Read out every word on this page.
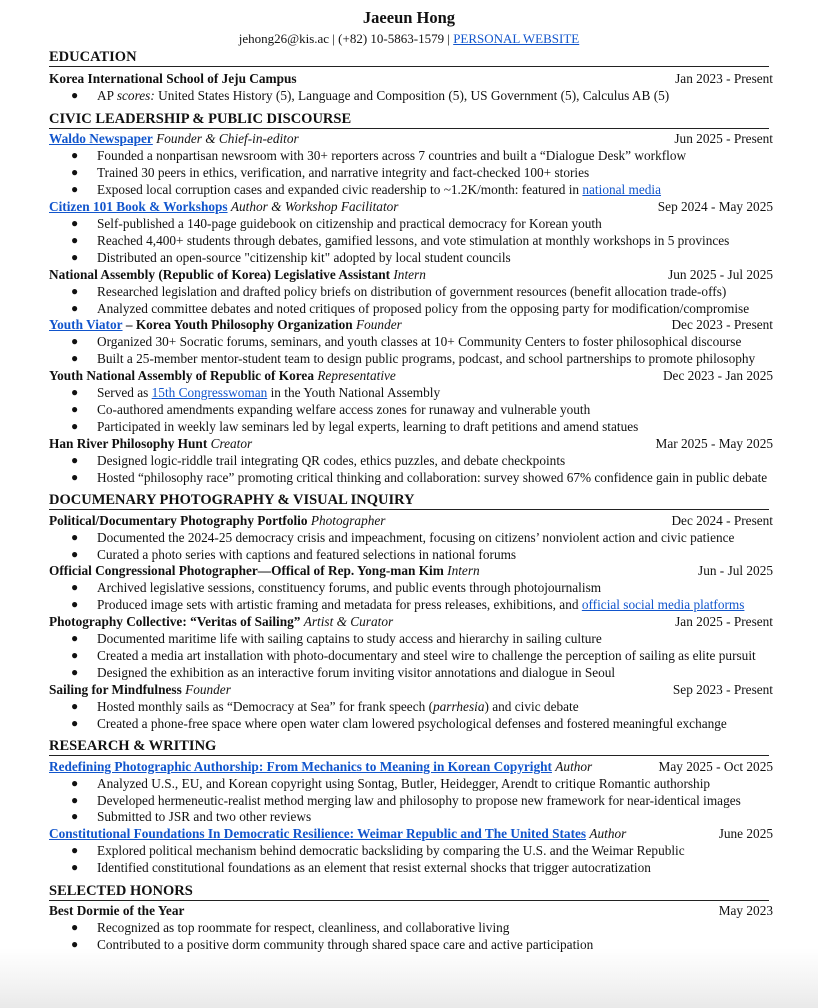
Jaeeun Hong
jehong26@kis.ac | (+82) 10-5863-1579 | PERSONAL WEBSITE
EDUCATION
Korea International School of Jeju Campus	Jan 2023 - Present
● AP scores: United States History (5), Language and Composition (5), US Government (5), Calculus AB (5)
CIVIC LEADERSHIP & PUBLIC DISCOURSE
Waldo Newspaper Founder & Chief-in-editor	Jun 2025 - Present
● Founded a nonpartisan newsroom with 30+ reporters across 7 countries and built a “Dialogue Desk” workflow
● Trained 30 peers in ethics, verification, and narrative integrity and fact-checked 100+ stories
● Exposed local corruption cases and expanded civic readership to ~1.2K/month: featured in national media
Citizen 101 Book & Workshops Author & Workshop Facilitator	Sep 2024 - May 2025
● Self-published a 140-page guidebook on citizenship and practical democracy for Korean youth
● Reached 4,400+ students through debates, gamified lessons, and vote stimulation at monthly workshops in 5 provinces
● Distributed an open-source "citizenship kit" adopted by local student councils
National Assembly (Republic of Korea) Legislative Assistant Intern	Jun 2025 - Jul 2025
● Researched legislation and drafted policy briefs on distribution of government resources (benefit allocation trade-offs)
● Analyzed committee debates and noted critiques of proposed policy from the opposing party for modification/compromise
Youth Viator – Korea Youth Philosophy Organization Founder	Dec 2023 - Present
● Organized 30+ Socratic forums, seminars, and youth classes at 10+ Community Centers to foster philosophical discourse
● Built a 25-member mentor-student team to design public programs, podcast, and school partnerships to promote philosophy
Youth National Assembly of Republic of Korea Representative	Dec 2023 - Jan 2025
● Served as 15th Congresswoman in the Youth National Assembly
● Co-authored amendments expanding welfare access zones for runaway and vulnerable youth
● Participated in weekly law seminars led by legal experts, learning to draft petitions and amend statues
Han River Philosophy Hunt Creator	Mar 2025 - May 2025
● Designed logic-riddle trail integrating QR codes, ethics puzzles, and debate checkpoints
● Hosted “philosophy race” promoting critical thinking and collaboration: survey showed 67% confidence gain in public debate
DOCUMENARY PHOTOGRAPHY & VISUAL INQUIRY
Political/Documentary Photography Portfolio Photographer	Dec 2024 - Present
● Documented the 2024-25 democracy crisis and impeachment, focusing on citizens’ nonviolent action and civic patience
● Curated a photo series with captions and featured selections in national forums
Official Congressional Photographer—Offical of Rep. Yong-man Kim Intern	Jun - Jul 2025
● Archived legislative sessions, constituency forums, and public events through photojournalism
● Produced image sets with artistic framing and metadata for press releases, exhibitions, and official social media platforms
Photography Collective: “Veritas of Sailing” Artist & Curator	Jan 2025 - Present
● Documented maritime life with sailing captains to study access and hierarchy in sailing culture
● Created a media art installation with photo-documentary and steel wire to challenge the perception of sailing as elite pursuit
● Designed the exhibition as an interactive forum inviting visitor annotations and dialogue in Seoul
Sailing for Mindfulness Founder	Sep 2023 - Present
● Hosted monthly sails as “Democracy at Sea” for frank speech (parrhesia) and civic debate
● Created a phone-free space where open water clam lowered psychological defenses and fostered meaningful exchange
RESEARCH & WRITING
Redefining Photographic Authorship: From Mechanics to Meaning in Korean Copyright Author	May 2025 - Oct 2025
● Analyzed U.S., EU, and Korean copyright using Sontag, Butler, Heidegger, Arendt to critique Romantic authorship
● Developed hermeneutic-realist method merging law and philosophy to propose new framework for near-identical images
● Submitted to JSR and two other reviews
Constitutional Foundations In Democratic Resilience: Weimar Republic and The United States Author	June 2025
● Explored political mechanism behind democratic backsliding by comparing the U.S. and the Weimar Republic
● Identified constitutional foundations as an element that resist external shocks that trigger autocratization
SELECTED HONORS
Best Dormie of the Year	May 2023
● Recognized as top roommate for respect, cleanliness, and collaborative living
● Contributed to a positive dorm community through shared space care and active participation
